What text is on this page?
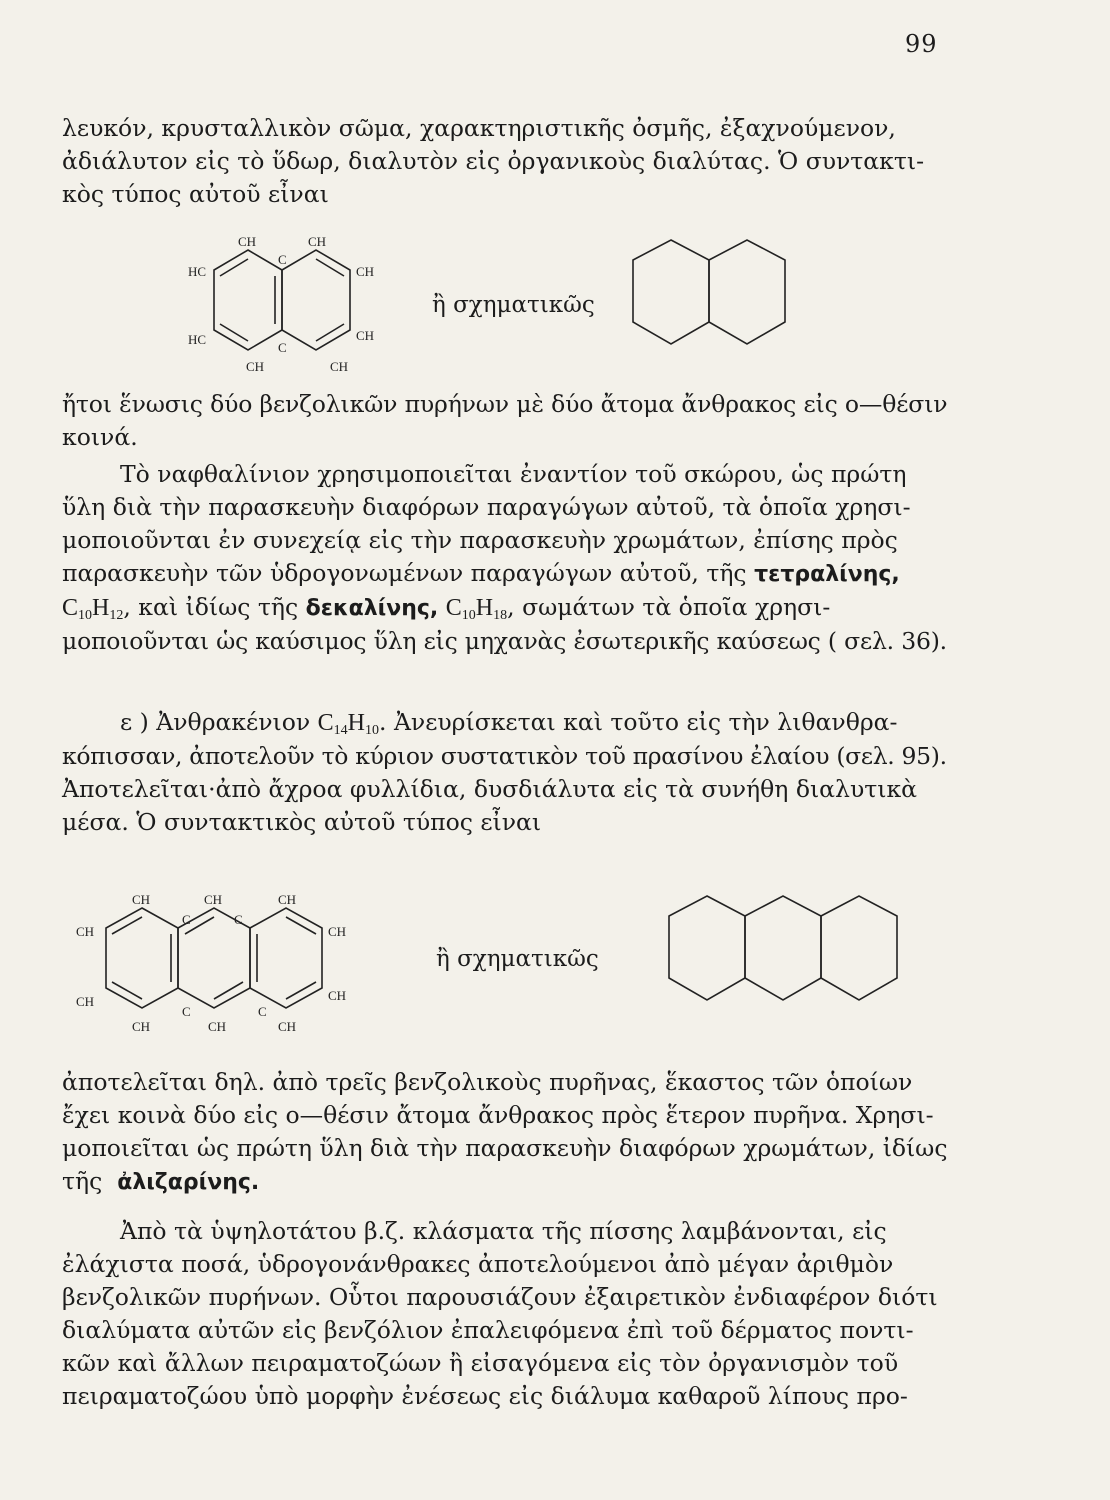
99
λευκόν, κρυσταλλικὸν σῶμα, χαρακτηριστικῆς ὀσμῆς, ἐξαχνούμενον,
ἀδιάλυτον εἰς τὸ ὕδωρ, διαλυτὸν εἰς ὀργανικοὺς διαλύτας. Ὁ συντακτι-
κὸς τύπος αὐτοῦ εἶναι
CH	CH
HC
C
CH
HC
C
CH
CH	CH
ἢ σχηματικῶς
ἤτοι ἕνωσις δύο βενζολικῶν πυρήνων μὲ δύο ἄτομα ἄνθρακος εἰς ο—θέσιν
κοινά.
Τὸ ναφθαλίνιον χρησιμοποιεῖται ἐναντίον τοῦ σκώρου, ὡς πρώτη
ὕλη διὰ τὴν παρασκευὴν διαφόρων παραγώγων αὐτοῦ, τὰ ὁποῖα χρησι-
μοποιοῦνται ἐν συνεχείᾳ εἰς τὴν παρασκευὴν χρωμάτων, ἐπίσης πρὸς
παρασκευὴν τῶν ὑδρογονωμένων παραγώγων αὐτοῦ, τῆς τετραλίνης,
$C_{10}H_{12}$, καὶ ἰδίως τῆς δεκαλίνης, $C_{10}H_{18}$, σωμάτων τὰ ὁποῖα χρησι-
μοποιοῦνται ὡς καύσιμος ὕλη εἰς μηχανὰς ἐσωτερικῆς καύσεως ( σελ. 36).
ε ) Ἀνθρακένιον $C_{14}H_{10}$. Ἀνευρίσκεται καὶ τοῦτο εἰς τὴν λιθανθρα-
κόπισσαν, ἀποτελοῦν τὸ κύριον συστατικὸν τοῦ πρασίνου ἐλαίου (σελ. 95).
Ἀποτελεῖται·ἀπὸ ἄχροα φυλλίδια, δυσδιάλυτα εἰς τὰ συνήθη διαλυτικὰ
μέσα. Ὁ συντακτικὸς αὐτοῦ τύπος εἶναι
CH	CH	CH
CH
C	C
CH
CH	CH
C	C
CH	CH	CH
ἢ σχηματικῶς
ἀποτελεῖται δηλ. ἀπὸ τρεῖς βενζολικοὺς πυρῆνας, ἕκαστος τῶν ὁποίων
ἔχει κοινὰ δύο εἰς ο—θέσιν ἄτομα ἄνθρακος πρὸς ἕτερον πυρῆνα. Χρησι-
μοποιεῖται ὡς πρώτη ὕλη διὰ τὴν παρασκευὴν διαφόρων χρωμάτων, ἰδίως
τῆς ἀλιζαρίνης.
Ἀπὸ τὰ ὑψηλοτάτου β.ζ. κλάσματα τῆς πίσσης λαμβάνονται, εἰς
ἐλάχιστα ποσά, ὑδρογονάνθρακες ἀποτελούμενοι ἀπὸ μέγαν ἀριθμὸν
βενζολικῶν πυρήνων. Οὗτοι παρουσιάζουν ἐξαιρετικὸν ἐνδιαφέρον διότι
διαλύματα αὐτῶν εἰς βενζόλιον ἐπαλειφόμενα ἐπὶ τοῦ δέρματος ποντι-
κῶν καὶ ἄλλων πειραματοζώων ἢ εἰσαγόμενα εἰς τὸν ὀργανισμὸν τοῦ
πειραματοζώου ὑπὸ μορφὴν ἐνέσεως εἰς διάλυμα καθαροῦ λίπους προ-
